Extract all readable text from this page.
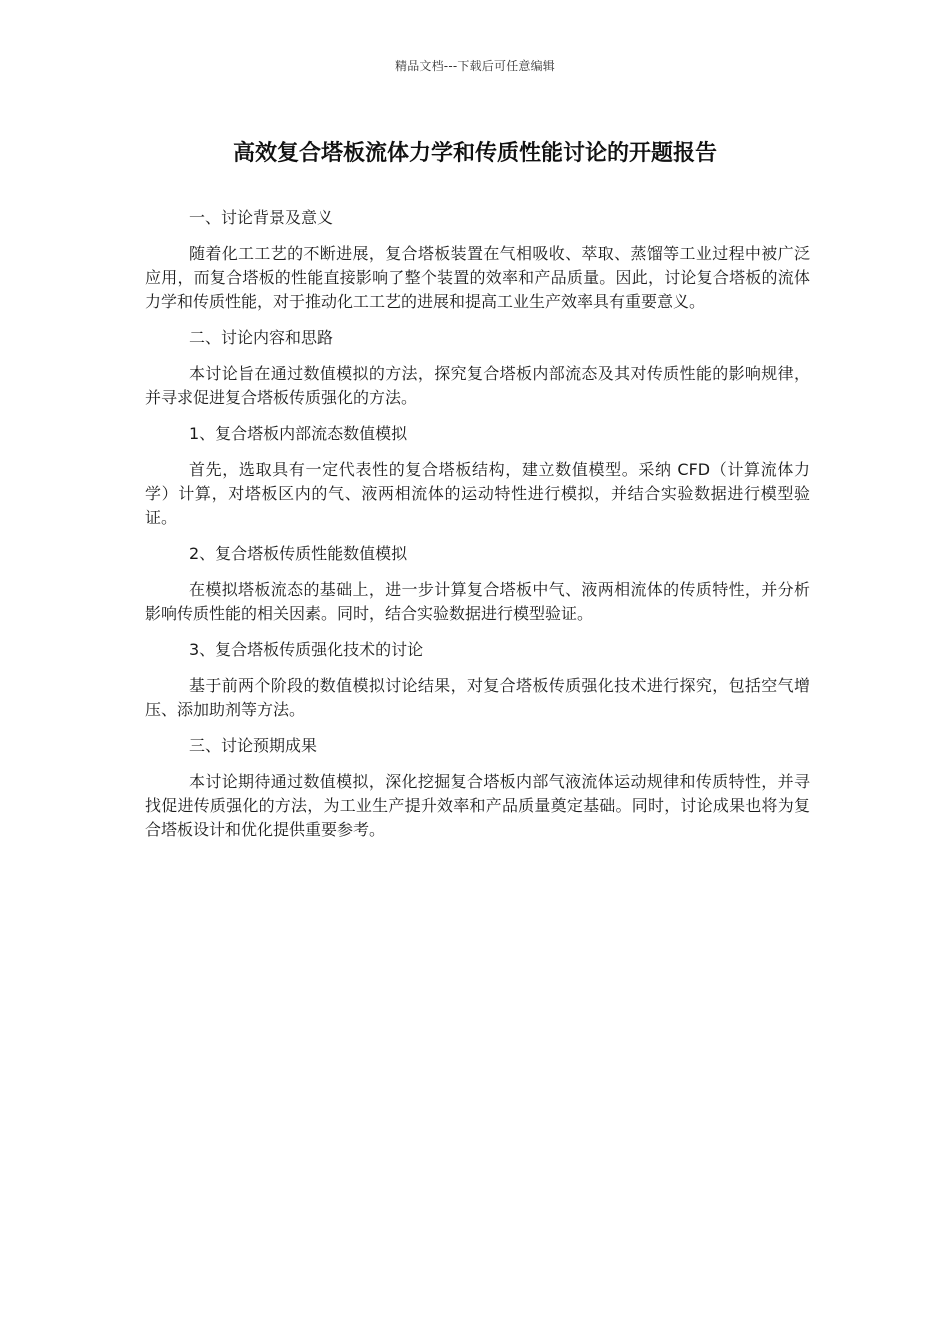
精品文档---下载后可任意编辑
高效复合塔板流体力学和传质性能讨论的开题报告

一、讨论背景及意义

随着化工工艺的不断进展，复合塔板装置在气相吸收、萃取、蒸馏等工业过程中被广泛应用，而复合塔板的性能直接影响了整个装置的效率和产品质量。因此，讨论复合塔板的流体力学和传质性能，对于推动化工工艺的进展和提高工业生产效率具有重要意义。

二、讨论内容和思路

本讨论旨在通过数值模拟的方法，探究复合塔板内部流态及其对传质性能的影响规律，并寻求促进复合塔板传质强化的方法。

1、复合塔板内部流态数值模拟

首先，选取具有一定代表性的复合塔板结构，建立数值模型。采纳 CFD（计算流体力学）计算，对塔板区内的气、液两相流体的运动特性进行模拟，并结合实验数据进行模型验证。

2、复合塔板传质性能数值模拟

在模拟塔板流态的基础上，进一步计算复合塔板中气、液两相流体的传质特性，并分析影响传质性能的相关因素。同时，结合实验数据进行模型验证。

3、复合塔板传质强化技术的讨论

基于前两个阶段的数值模拟讨论结果，对复合塔板传质强化技术进行探究，包括空气增压、添加助剂等方法。

三、讨论预期成果

本讨论期待通过数值模拟，深化挖掘复合塔板内部气液流体运动规律和传质特性，并寻找促进传质强化的方法，为工业生产提升效率和产品质量奠定基础。同时，讨论成果也将为复合塔板设计和优化提供重要参考。
